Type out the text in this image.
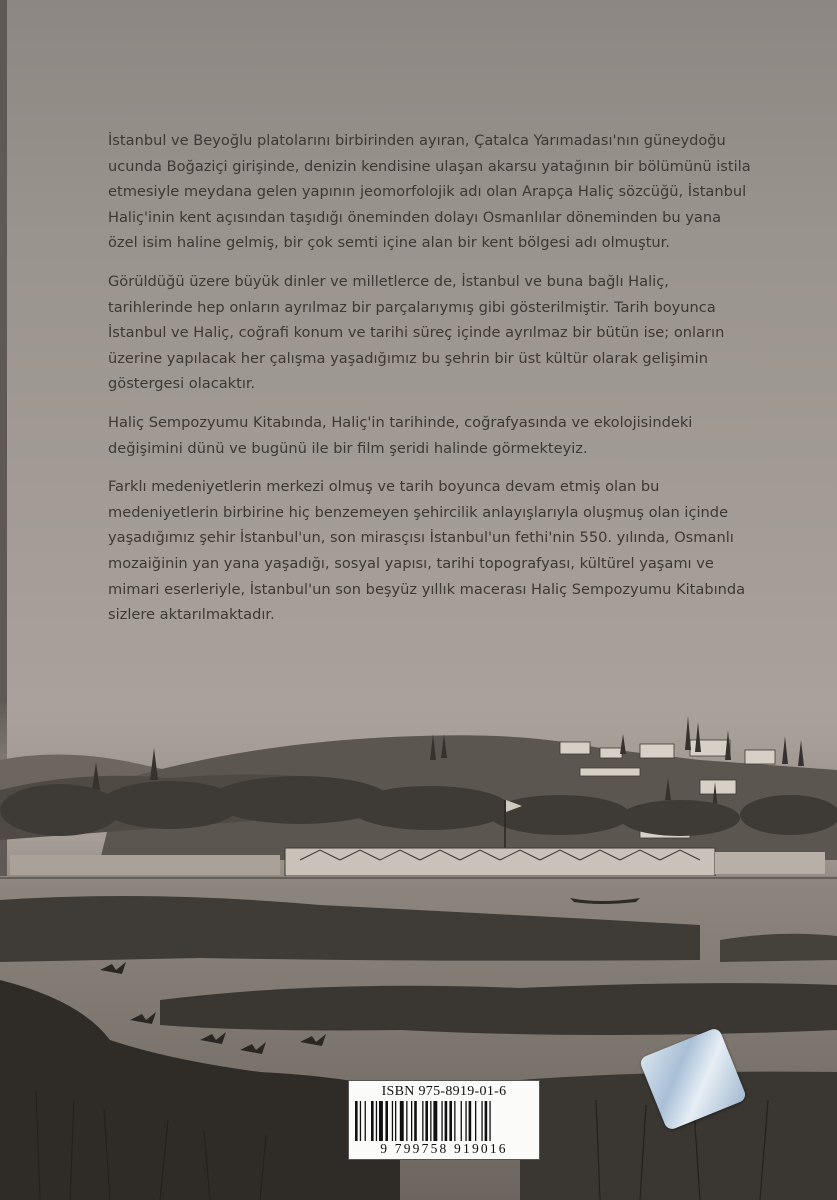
İstanbul ve Beyoğlu platolarını birbirinden ayıran, Çatalca Yarımadası'nın güneydoğu ucunda Boğaziçi girişinde, denizin kendisine ulaşan akarsu yatağının bir bölümünü istila etmesiyle meydana gelen yapının jeomorfolojik adı olan Arapça Haliç sözcüğü, İstanbul Haliç'inin kent açısından taşıdığı öneminden dolayı Osmanlılar döneminden bu yana özel isim haline gelmiş, bir çok semti içine alan bir kent bölgesi adı olmuştur.

Görüldüğü üzere büyük dinler ve milletlerce de, İstanbul ve buna bağlı Haliç, tarihlerinde hep onların ayrılmaz bir parçalarıymış gibi gösterilmiştir. Tarih boyunca İstanbul ve Haliç, coğrafi konum ve tarihi süreç içinde ayrılmaz bir bütün ise; onların üzerine yapılacak her çalışma yaşadığımız bu şehrin bir üst kültür olarak gelişimin göstergesi olacaktır.

Haliç Sempozyumu Kitabında, Haliç'in tarihinde, coğrafyasında ve ekolojisindeki değişimini dünü ve bugünü ile bir film şeridi halinde görmekteyiz.

Farklı medeniyetlerin merkezi olmuş ve tarih boyunca devam etmiş olan bu medeniyetlerin birbirine hiç benzemeyen şehircilik anlayışlarıyla oluşmuş olan içinde yaşadığımız şehir İstanbul'un, son mirasçısı İstanbul'un fethi'nin 550. yılında, Osmanlı mozaiğinin yan yana yaşadığı, sosyal yapısı, tarihi topografyası, kültürel yaşamı ve mimari eserleriyle, İstanbul'un son beşyüz yıllık macerası Haliç Sempozyumu Kitabında sizlere aktarılmaktadır.

ISBN 975-8919-01-6
9 799758 919016
